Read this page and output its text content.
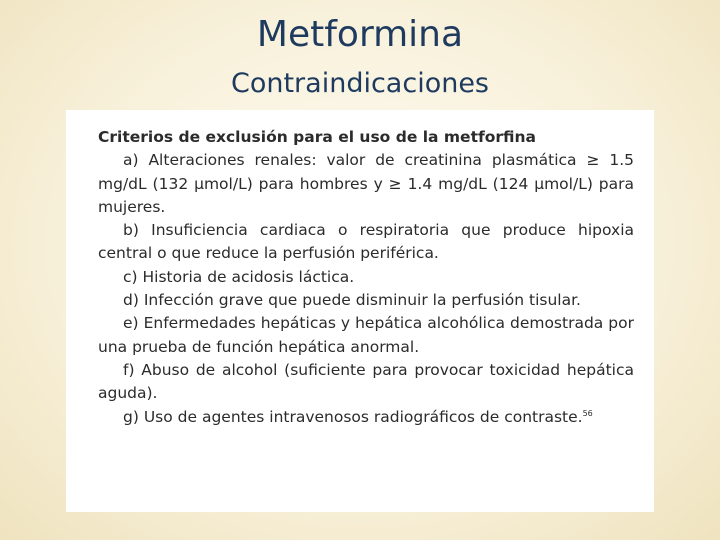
Metformina
Contraindicaciones
Criterios de exclusión para el uso de la metforfina
a) Alteraciones renales: valor de creatinina plasmática ≥ 1.5 mg/dL (132 μmol/L) para hombres y ≥ 1.4 mg/dL (124 μmol/L) para mujeres.
b) Insuficiencia cardiaca o respiratoria que produce hipoxia central o que reduce la perfusión periférica.
c) Historia de acidosis láctica.
d) Infección grave que puede disminuir la perfusión tisular.
e) Enfermedades hepáticas y hepática alcohólica demostrada por una prueba de función hepática anormal.
f) Abuso de alcohol (suficiente para provocar toxicidad hepática aguda).
g) Uso de agentes intravenosos radiográficos de contraste.$^{56}$
